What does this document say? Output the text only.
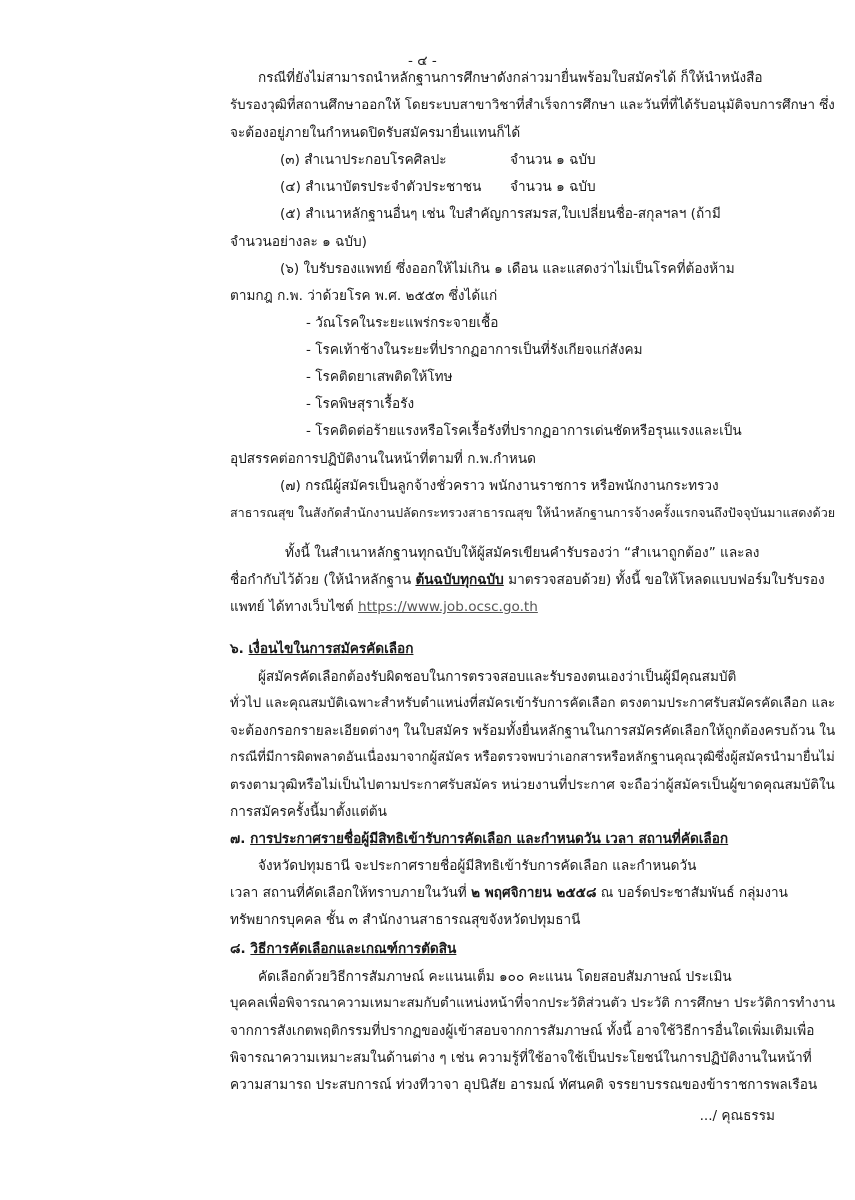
- ๔ -
กรณีที่ยังไม่สามารถนำหลักฐานการศึกษาดังกล่าวมายื่นพร้อมใบสมัครได้ ก็ให้นำหนังสือ
รับรองวุฒิที่สถานศึกษาออกให้ โดยระบบสาขาวิชาที่สำเร็จการศึกษา และวันที่ที่ได้รับอนุมัติจบการศึกษา ซึ่ง
จะต้องอยู่ภายในกำหนดปิดรับสมัครมายื่นแทนก็ได้
(๓) สำเนาประกอบโรคศิลปะ	จำนวน ๑ ฉบับ
(๔) สำเนาบัตรประจำตัวประชาชน จำนวน ๑ ฉบับ
(๕) สำเนาหลักฐานอื่นๆ เช่น ใบสำคัญการสมรส,ใบเปลี่ยนชื่อ-สกุลฯลฯ (ถ้ามี
จำนวนอย่างละ ๑ ฉบับ)
(๖) ใบรับรองแพทย์ ซึ่งออกให้ไม่เกิน ๑ เดือน และแสดงว่าไม่เป็นโรคที่ต้องห้าม
ตามกฎ ก.พ. ว่าด้วยโรค พ.ศ. ๒๕๕๓ ซึ่งได้แก่
- วัณโรคในระยะแพร่กระจายเชื้อ
- โรคเท้าช้างในระยะที่ปรากฏอาการเป็นที่รังเกียจแก่สังคม
- โรคติดยาเสพติดให้โทษ
- โรคพิษสุราเรื้อรัง
- โรคติดต่อร้ายแรงหรือโรคเรื้อรังที่ปรากฏอาการเด่นชัดหรือรุนแรงและเป็น
อุปสรรคต่อการปฏิบัติงานในหน้าที่ตามที่ ก.พ.กำหนด
(๗) กรณีผู้สมัครเป็นลูกจ้างชั่วคราว พนักงานราชการ หรือพนักงานกระทรวง
สาธารณสุข ในสังกัดสำนักงานปลัดกระทรวงสาธารณสุข ให้นำหลักฐานการจ้างครั้งแรกจนถึงปัจจุบันมาแสดงด้วย
ทั้งนี้ ในสำเนาหลักฐานทุกฉบับให้ผู้สมัครเขียนคำรับรองว่า “สำเนาถูกต้อง” และลง
ชื่อกำกับไว้ด้วย (ให้นำหลักฐาน ต้นฉบับทุกฉบับ มาตรวจสอบด้วย) ทั้งนี้ ขอให้โหลดแบบฟอร์มใบรับรอง
แพทย์ ได้ทางเว็บไซต์ https://www.job.ocsc.go.th
๖. เงื่อนไขในการสมัครคัดเลือก
ผู้สมัครคัดเลือกต้องรับผิดชอบในการตรวจสอบและรับรองตนเองว่าเป็นผู้มีคุณสมบัติ
ทั่วไป และคุณสมบัติเฉพาะสำหรับตำแหน่งที่สมัครเข้ารับการคัดเลือก ตรงตามประกาศรับสมัครคัดเลือก และ
จะต้องกรอกรายละเอียดต่างๆ ในใบสมัคร พร้อมทั้งยื่นหลักฐานในการสมัครคัดเลือกให้ถูกต้องครบถ้วน ใน
กรณีที่มีการผิดพลาดอันเนื่องมาจากผู้สมัคร หรือตรวจพบว่าเอกสารหรือหลักฐานคุณวุฒิซึ่งผู้สมัครนำมายื่นไม่
ตรงตามวุฒิหรือไม่เป็นไปตามประกาศรับสมัคร หน่วยงานที่ประกาศ จะถือว่าผู้สมัครเป็นผู้ขาดคุณสมบัติใน
การสมัครครั้งนี้มาตั้งแต่ต้น
๗. การประกาศรายชื่อผู้มีสิทธิเข้ารับการคัดเลือก และกำหนดวัน เวลา สถานที่คัดเลือก
จังหวัดปทุมธานี จะประกาศรายชื่อผู้มีสิทธิเข้ารับการคัดเลือก และกำหนดวัน
เวลา สถานที่คัดเลือกให้ทราบภายในวันที่ ๒ พฤศจิกายน ๒๕๕๘ ณ บอร์ดประชาสัมพันธ์ กลุ่มงาน
ทรัพยากรบุคคล ชั้น ๓ สำนักงานสาธารณสุขจังหวัดปทุมธานี
๘. วิธีการคัดเลือกและเกณฑ์การตัดสิน
คัดเลือกด้วยวิธีการสัมภาษณ์ คะแนนเต็ม ๑๐๐ คะแนน โดยสอบสัมภาษณ์ ประเมิน
บุคคลเพื่อพิจารณาความเหมาะสมกับตำแหน่งหน้าที่จากประวัติส่วนตัว ประวัติ การศึกษา ประวัติการทำงาน
จากการสังเกตพฤติกรรมที่ปรากฏของผู้เข้าสอบจากการสัมภาษณ์ ทั้งนี้ อาจใช้วิธีการอื่นใดเพิ่มเติมเพื่อ
พิจารณาความเหมาะสมในด้านต่าง ๆ เช่น ความรู้ที่ใช้อาจใช้เป็นประโยชน์ในการปฏิบัติงานในหน้าที่
ความสามารถ ประสบการณ์ ท่วงทีวาจา อุปนิสัย อารมณ์ ทัศนคติ จรรยาบรรณของข้าราชการพลเรือน
.../ คุณธรรม
